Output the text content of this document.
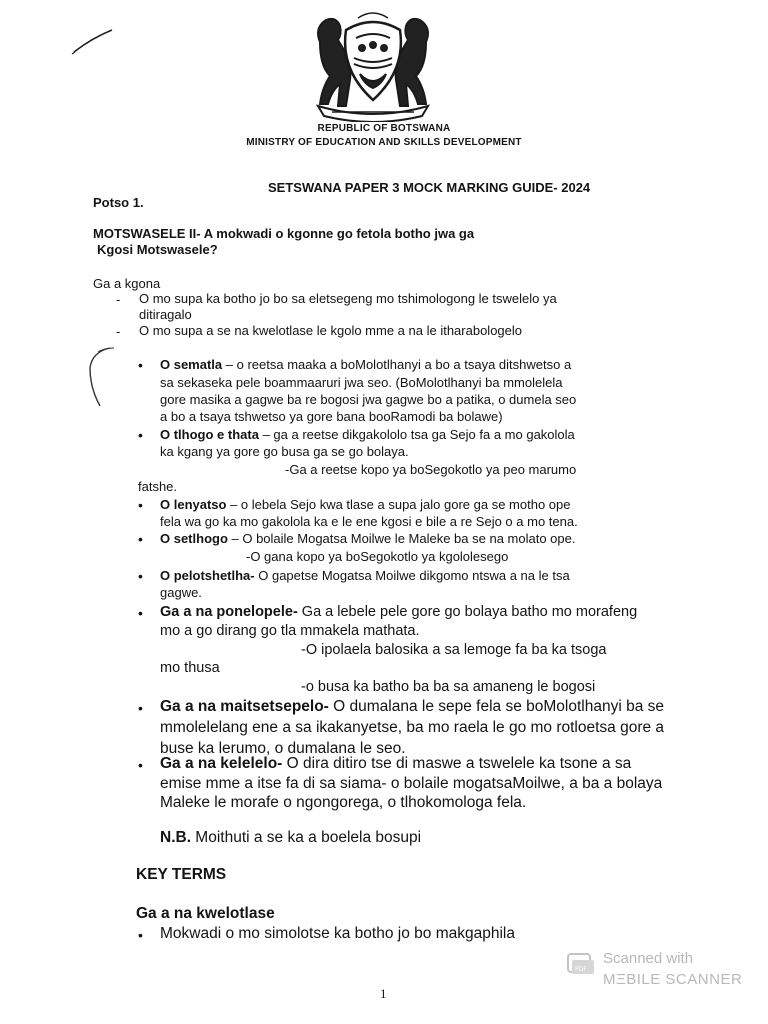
REPUBLIC OF BOTSWANA
MINISTRY OF EDUCATION AND SKILLS DEVELOPMENT
SETSWANA PAPER 3 MOCK MARKING GUIDE- 2024
Potso 1.
MOTSWASELE II- A mokwadi o kgonne go fetola botho jwa ga
Kgosi Motswasele?
Ga a kgona
- O mo supa ka botho jo bo sa eletsegeng mo tshimologong le tswelelo ya
ditiragalo
- O mo supa a se na kwelotlase le kgolo mme a na le itharabologelo
• O sematla – o reetsa maaka a boMolotlhanyi a bo a tsaya ditshwetso a
sa sekaseka pele boammaaruri jwa seo. (BoMolotlhanyi ba mmolelela
gore masika a gagwe ba re bogosi jwa gagwe bo a patika, o dumela seo
a bo a tsaya tshwetso ya gore bana booRamodi ba bolawe)
• O tlhogo e thata – ga a reetse dikgakololo tsa ga Sejo fa a mo gakolola
ka kgang ya gore go busa ga se go bolaya.
-Ga a reetse kopo ya boSegokotlo ya peo marumo
fatshe.
• O lenyatso – o lebela Sejo kwa tlase a supa jalo gore ga se motho ope
fela wa go ka mo gakolola ka e le ene kgosi e bile a re Sejo o a mo tena.
• O setlhogo – O bolaile Mogatsa Moilwe le Maleke ba se na molato ope.
-O gana kopo ya boSegokotlo ya kgololesego
• O pelotshetlha- O gapetse Mogatsa Moilwe dikgomo ntswa a na le tsa
gagwe.
• Ga a na ponelopele- Ga a lebele pele gore go bolaya batho mo morafeng
mo a go dirang go tla mmakela mathata.
-O ipolaela balosika a sa lemoge fa ba ka tsoga
mo thusa
-o busa ka batho ba ba sa amaneng le bogosi
• Ga a na maitsetsepelo- O dumalana le sepe fela se boMolotlhanyi ba se
mmolelelang ene a sa ikakanyetse, ba mo raela le go mo rotloetsa gore a
buse ka lerumo, o dumalana le seo.
• Ga a na kelelelo- O dira ditiro tse di maswe a tswelele ka tsone a sa
emise mme a itse fa di sa siama- o bolaile mogatsaMoilwe, a ba a bolaya
Maleke le morafe o ngongorega, o tlhokomologa fela.
N.B. Moithuti a se ka a boelela bosupi
KEY TERMS
Ga a na kwelotlase
• Mokwadi o mo simolotse ka botho jo bo makgaphila
PDF
Scanned with
MΞBILE SCANNER
1
